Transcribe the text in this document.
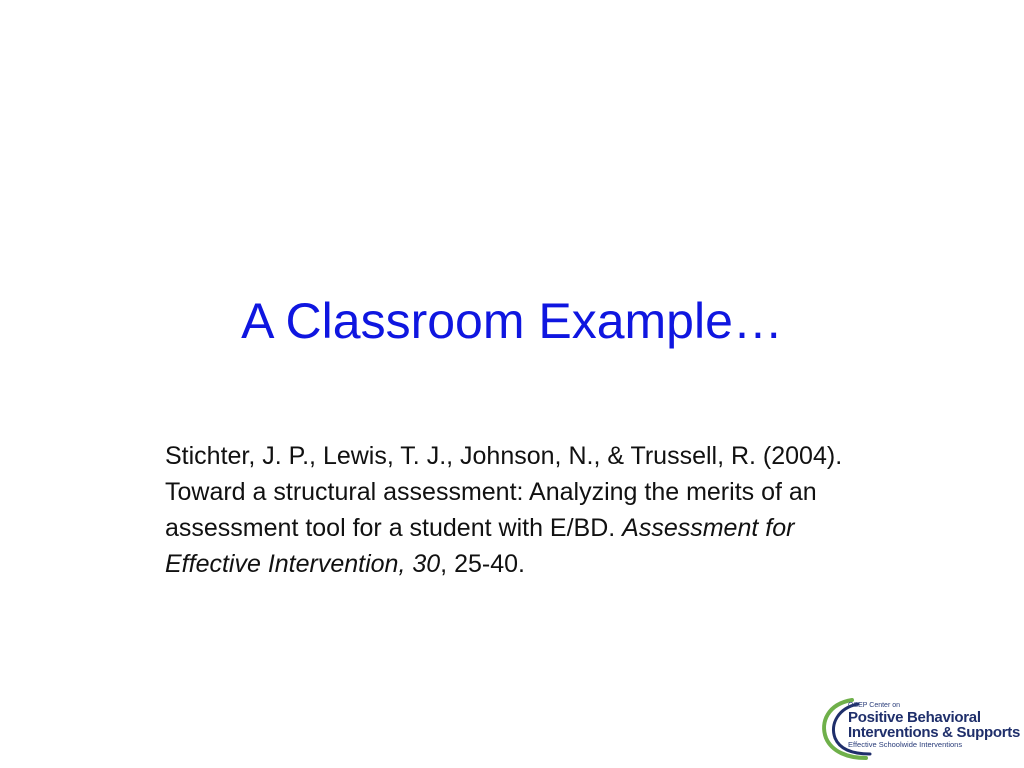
A Classroom Example…
Stichter, J. P., Lewis, T. J., Johnson, N., & Trussell, R. (2004). Toward a structural assessment: Analyzing the merits of an assessment tool for a student with E/BD. Assessment for Effective Intervention, 30, 25-40.
OSEP Center on
Positive Behavioral
Interventions & Supports
Effective Schoolwide Interventions
